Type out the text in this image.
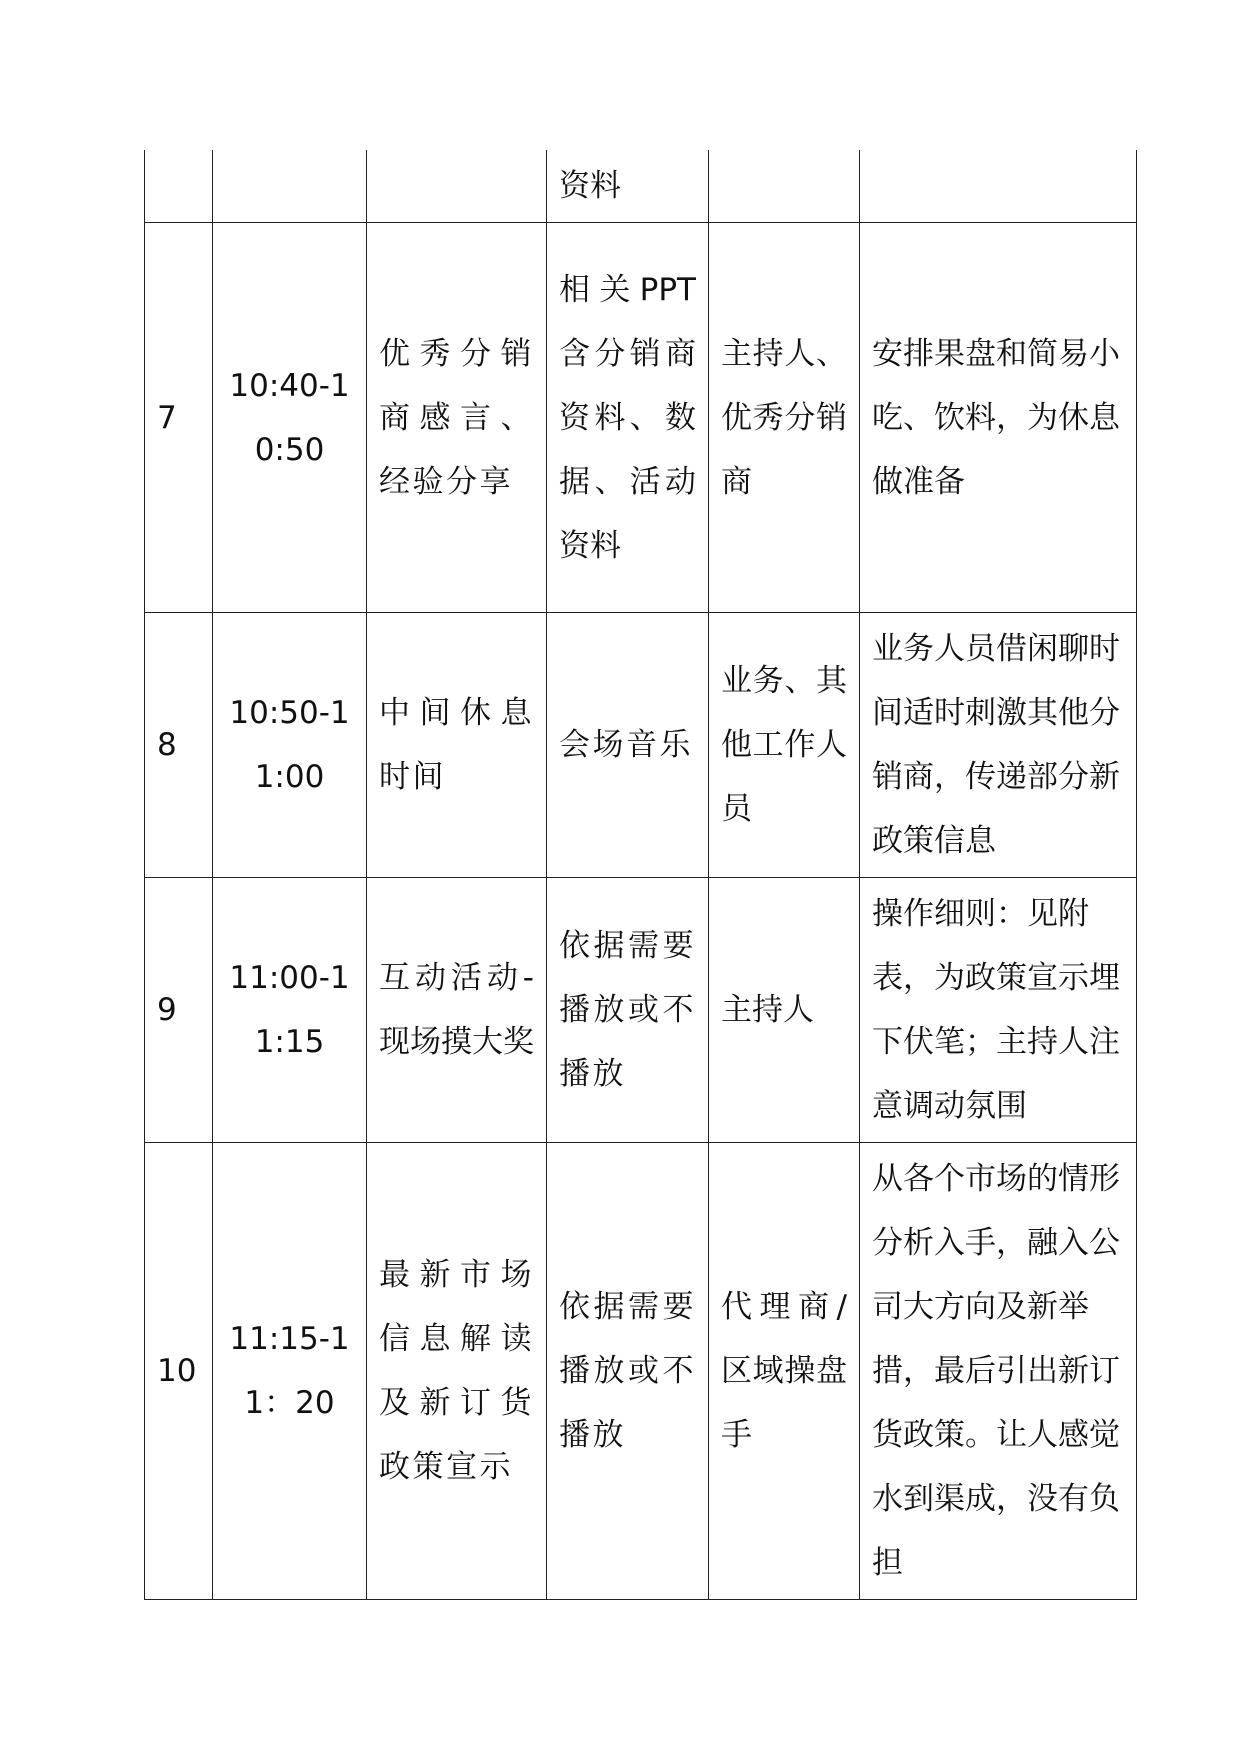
			资料		
7	10:40-10:50	优秀分销商感言、经验分享	相关PPT含分销商资料、数据、活动资料	主持人、优秀分销商	安排果盘和简易小吃、饮料，为休息做准备
8	10:50-11:00	中间休息时间	会场音乐	业务、其他工作人员	业务人员借闲聊时间适时刺激其他分销商，传递部分新政策信息
9	11:00-11:15	互动活动-现场摸大奖	依据需要播放或不播放	主持人	操作细则：见附表，为政策宣示埋下伏笔；主持人注意调动氛围
10	11:15-11：20	最新市场信息解读及新订货政策宣示	依据需要播放或不播放	代理商/区域操盘手	从各个市场的情形分析入手，融入公司大方向及新举措，最后引出新订货政策。让人感觉水到渠成，没有负担
